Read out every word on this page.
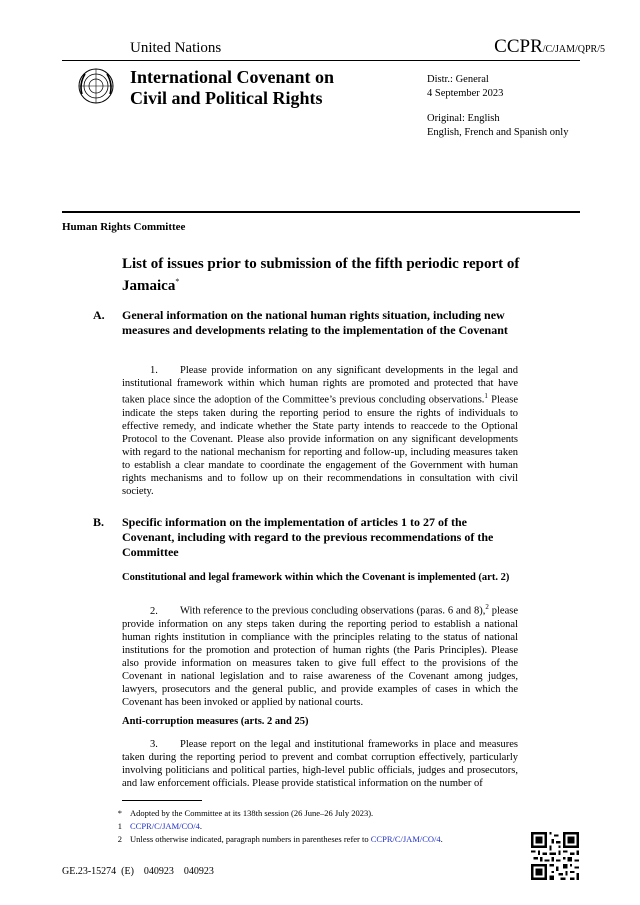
United Nations	CCPR/C/JAM/QPR/5
International Covenant on
Civil and Political Rights
Distr.: General
4 September 2023
Original: English
English, French and Spanish only
Human Rights Committee
List of issues prior to submission of the fifth periodic report of Jamaica*
A. General information on the national human rights situation, including new measures and developments relating to the implementation of the Covenant
1. Please provide information on any significant developments in the legal and institutional framework within which human rights are promoted and protected that have taken place since the adoption of the Committee’s previous concluding observations.$^1$ Please indicate the steps taken during the reporting period to ensure the rights of individuals to effective remedy, and indicate whether the State party intends to reaccede to the Optional Protocol to the Covenant. Please also provide information on any significant developments with regard to the national mechanism for reporting and follow-up, including measures taken to establish a clear mandate to coordinate the engagement of the Government with human rights mechanisms and to follow up on their recommendations in consultation with civil society.
B. Specific information on the implementation of articles 1 to 27 of the Covenant, including with regard to the previous recommendations of the Committee
Constitutional and legal framework within which the Covenant is implemented (art. 2)
2. With reference to the previous concluding observations (paras. 6 and 8),$^2$ please provide information on any steps taken during the reporting period to establish a national human rights institution in compliance with the principles relating to the status of national institutions for the promotion and protection of human rights (the Paris Principles). Please also provide information on measures taken to give full effect to the provisions of the Covenant in national legislation and to raise awareness of the Covenant among judges, lawyers, prosecutors and the general public, and provide examples of cases in which the Covenant has been invoked or applied by national courts.
Anti-corruption measures (arts. 2 and 25)
3. Please report on the legal and institutional frameworks in place and measures taken during the reporting period to prevent and combat corruption effectively, particularly involving politicians and political parties, high-level public officials, judges and prosecutors, and law enforcement officials. Please provide statistical information on the number of
* Adopted by the Committee at its 138th session (26 June–26 July 2023).
1 CCPR/C/JAM/CO/4.
2 Unless otherwise indicated, paragraph numbers in parentheses refer to CCPR/C/JAM/CO/4.
GE.23-15274  (E)    040923    040923
